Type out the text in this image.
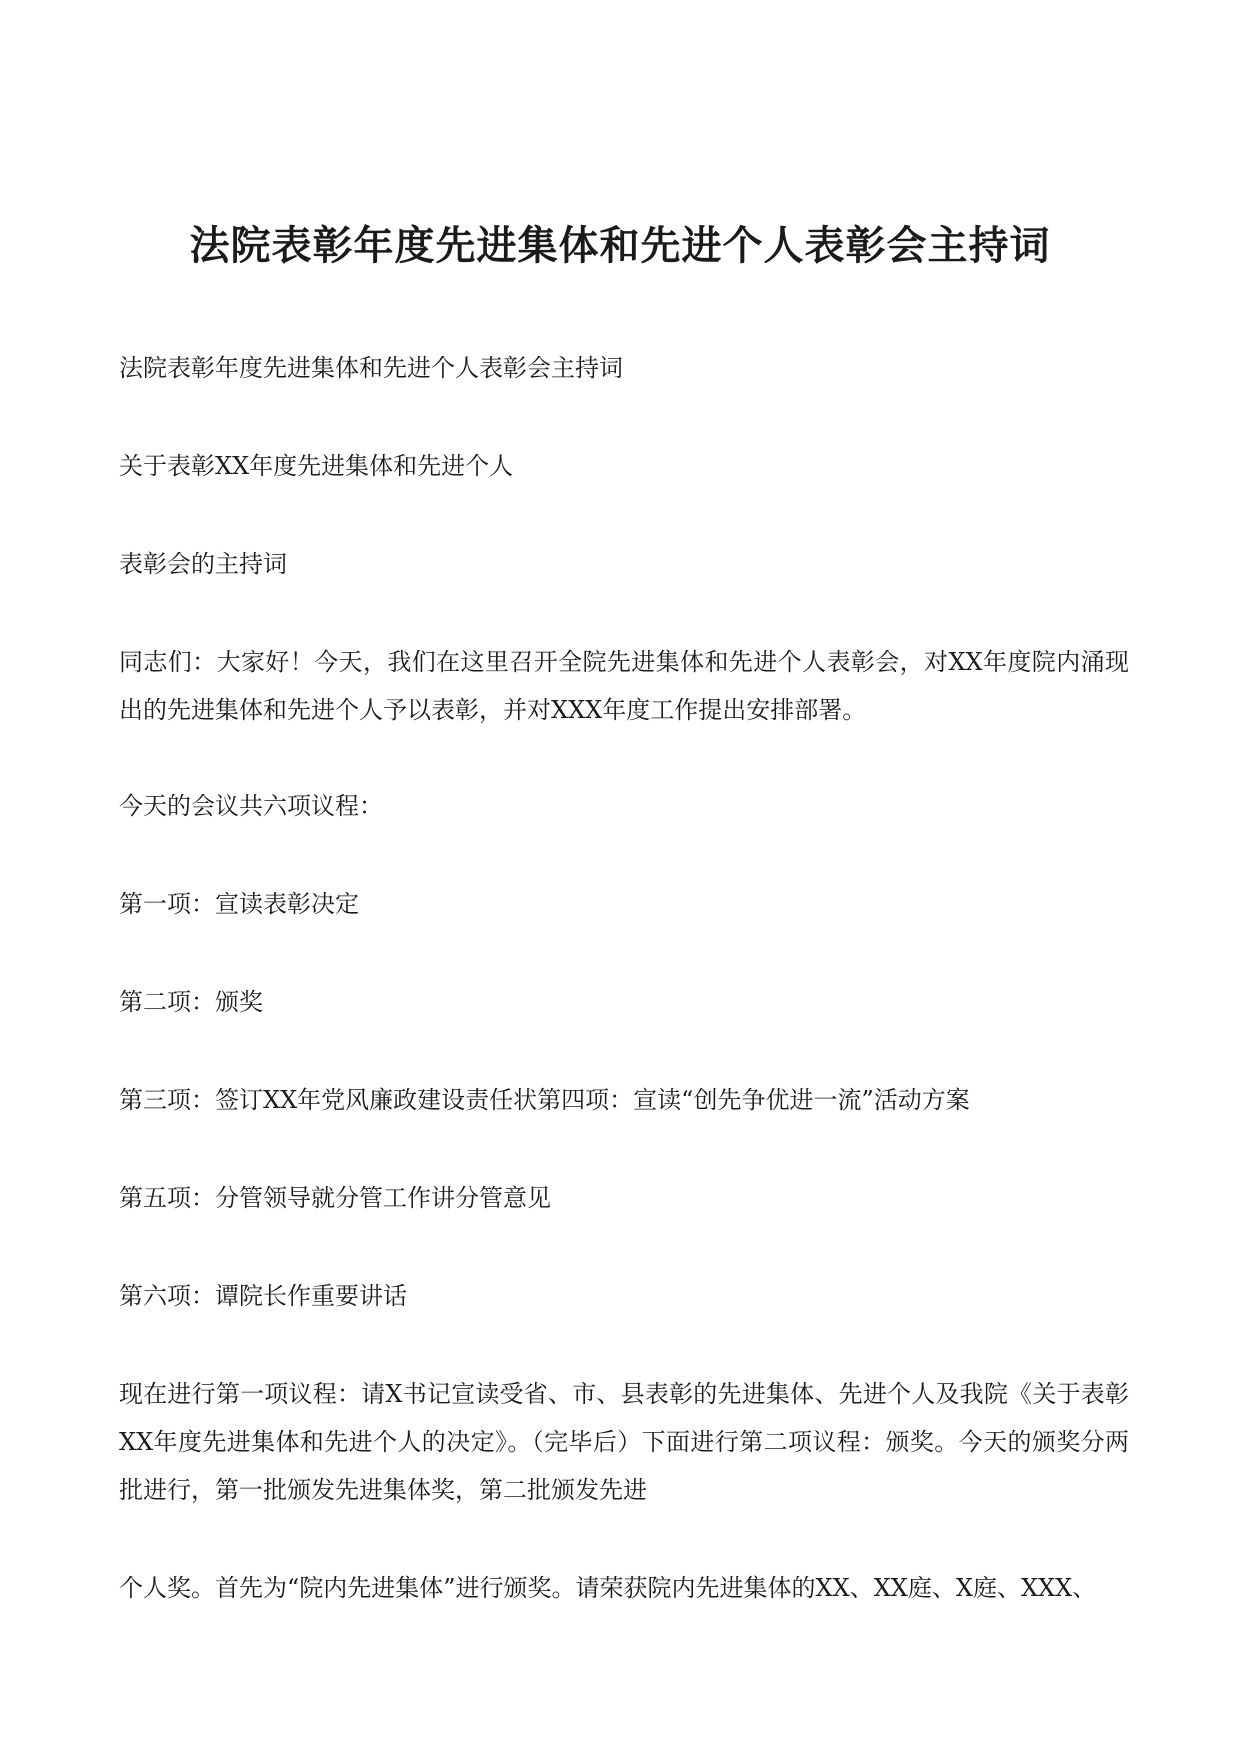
法院表彰年度先进集体和先进个人表彰会主持词

法院表彰年度先进集体和先进个人表彰会主持词

关于表彰XX年度先进集体和先进个人

表彰会的主持词

同志们：大家好！今天，我们在这里召开全院先进集体和先进个人表彰会，对XX年度院内涌现出的先进集体和先进个人予以表彰，并对XXX年度工作提出安排部署。

今天的会议共六项议程：

第一项：宣读表彰决定

第二项：颁奖

第三项：签订XX年党风廉政建设责任状第四项：宣读“创先争优进一流”活动方案

第五项：分管领导就分管工作讲分管意见

第六项：谭院长作重要讲话

现在进行第一项议程：请X书记宣读受省、市、县表彰的先进集体、先进个人及我院《关于表彰XX年度先进集体和先进个人的决定》。（完毕后）下面进行第二项议程：颁奖。今天的颁奖分两批进行，第一批颁发先进集体奖，第二批颁发先进

个人奖。首先为“院内先进集体”进行颁奖。请荣获院内先进集体的XX、XX庭、X庭、XXX、
